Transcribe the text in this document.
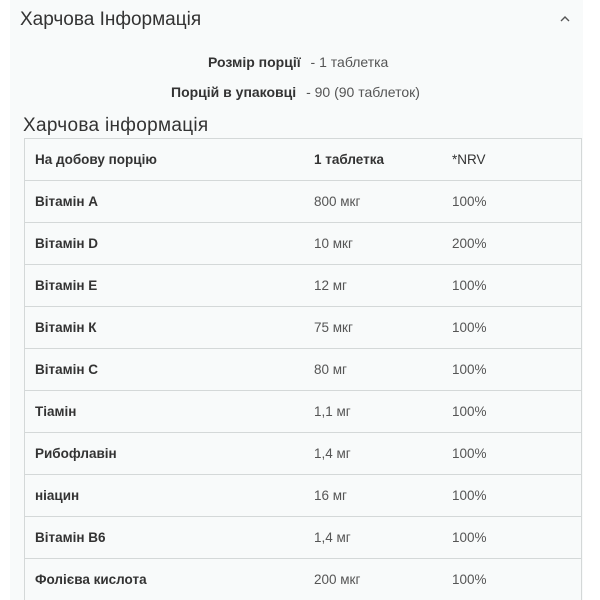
Харчова Інформація
Розмір порції - 1 таблетка
Порцій в упаковці - 90 (90 таблеток)
Харчова інформація
На добову порцію	1 таблетка	*NRV
Вітамін А	800 мкг	100%
Вітамін D	10 мкг	200%
Вітамін Е	12 мг	100%
Вітамін К	75 мкг	100%
Вітамін С	80 мг	100%
Тіамін	1,1 мг	100%
Рибофлавін	1,4 мг	100%
ніацин	16 мг	100%
Вітамін В6	1,4 мг	100%
Фолієва кислота	200 мкг	100%
